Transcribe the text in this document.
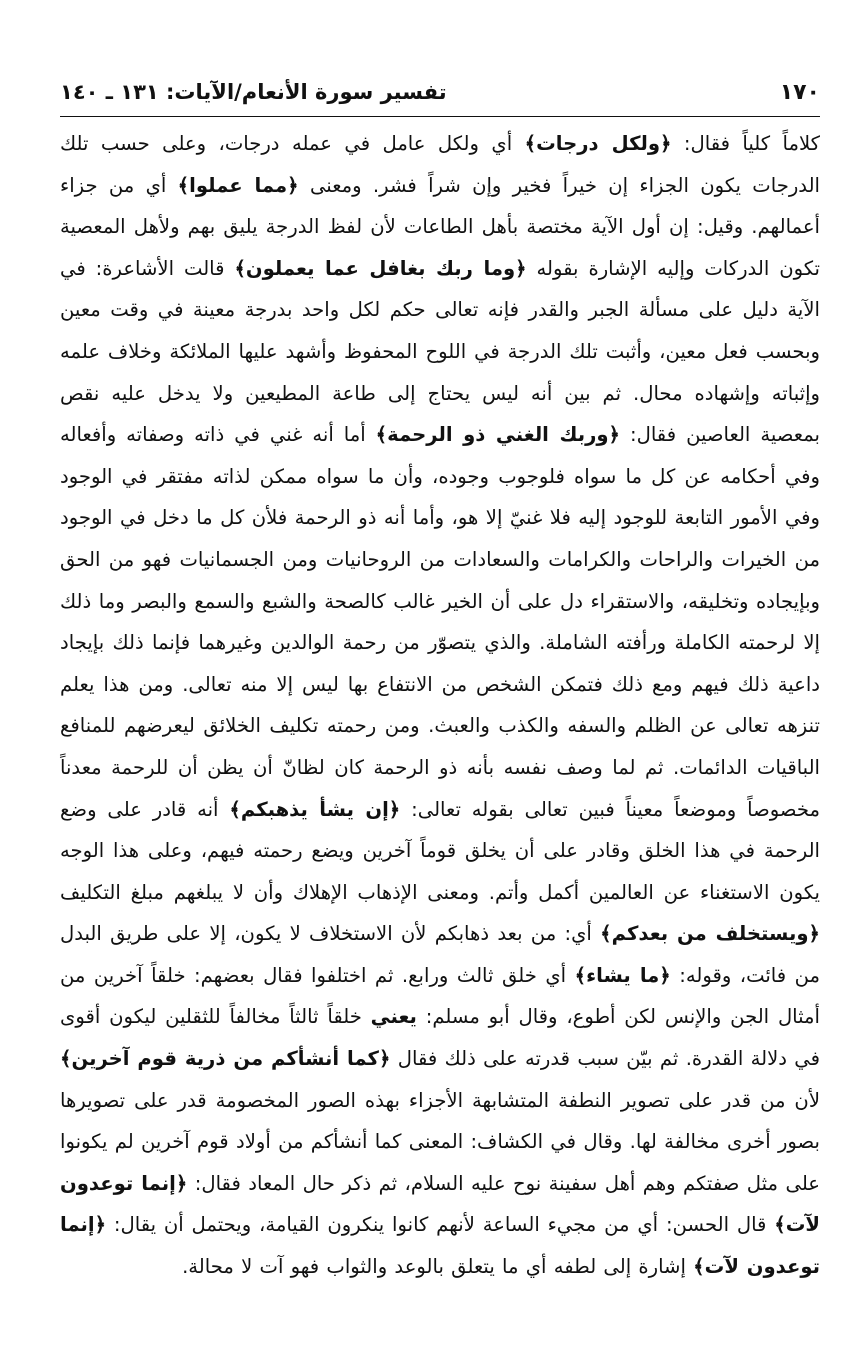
١٧٠
تفسير سورة الأنعام/الآيات: ١٣١ ـ ١٤٠

كلاماً كلياً فقال: ﴿ولكل درجات﴾ أي ولكل عامل في عمله درجات، وعلى حسب تلك الدرجات يكون الجزاء إن خيراً فخير وإن شراً فشر. ومعنى ﴿مما عملوا﴾ أي من جزاء أعمالهم. وقيل: إن أول الآية مختصة بأهل الطاعات لأن لفظ الدرجة يليق بهم ولأهل المعصية تكون الدركات وإليه الإشارة بقوله ﴿وما ربك بغافل عما يعملون﴾ قالت الأشاعرة: في الآية دليل على مسألة الجبر والقدر فإنه تعالى حكم لكل واحد بدرجة معينة في وقت معين وبحسب فعل معين، وأثبت تلك الدرجة في اللوح المحفوظ وأشهد عليها الملائكة وخلاف علمه وإثباته وإشهاده محال. ثم بين أنه ليس يحتاج إلى طاعة المطيعين ولا يدخل عليه نقص بمعصية العاصين فقال: ﴿وربك الغني ذو الرحمة﴾ أما أنه غني في ذاته وصفاته وأفعاله وفي أحكامه عن كل ما سواه فلوجوب وجوده، وأن ما سواه ممكن لذاته مفتقر في الوجود وفي الأمور التابعة للوجود إليه فلا غنيّ إلا هو، وأما أنه ذو الرحمة فلأن كل ما دخل في الوجود من الخيرات والراحات والكرامات والسعادات من الروحانيات ومن الجسمانيات فهو من الحق وبإيجاده وتخليقه، والاستقراء دل على أن الخير غالب كالصحة والشبع والسمع والبصر وما ذلك إلا لرحمته الكاملة ورأفته الشاملة. والذي يتصوّر من رحمة الوالدين وغيرهما فإنما ذلك بإيجاد داعية ذلك فيهم ومع ذلك فتمكن الشخص من الانتفاع بها ليس إلا منه تعالى. ومن هذا يعلم تنزهه تعالى عن الظلم والسفه والكذب والعبث. ومن رحمته تكليف الخلائق ليعرضهم للمنافع الباقيات الدائمات. ثم لما وصف نفسه بأنه ذو الرحمة كان لظانّ أن يظن أن للرحمة معدناً مخصوصاً وموضعاً معيناً فبين تعالى بقوله تعالى: ﴿إن يشأ يذهبكم﴾ أنه قادر على وضع الرحمة في هذا الخلق وقادر على أن يخلق قوماً آخرين ويضع رحمته فيهم، وعلى هذا الوجه يكون الاستغناء عن العالمين أكمل وأتم. ومعنى الإذهاب الإهلاك وأن لا يبلغهم مبلغ التكليف ﴿ويستخلف من بعدكم﴾ أي: من بعد ذهابكم لأن الاستخلاف لا يكون، إلا على طريق البدل من فائت، وقوله: ﴿ما يشاء﴾ أي خلق ثالث ورابع. ثم اختلفوا فقال بعضهم: خلقاً آخرين من أمثال الجن والإنس لكن أطوع، وقال أبو مسلم: يعني خلقاً ثالثاً مخالفاً للثقلين ليكون أقوى في دلالة القدرة. ثم بيّن سبب قدرته على ذلك فقال ﴿كما أنشأكم من ذرية قوم آخرين﴾ لأن من قدر على تصوير النطفة المتشابهة الأجزاء بهذه الصور المخصومة قدر على تصويرها بصور أخرى مخالفة لها. وقال في الكشاف: المعنى كما أنشأكم من أولاد قوم آخرين لم يكونوا على مثل صفتكم وهم أهل سفينة نوح عليه السلام، ثم ذكر حال المعاد فقال: ﴿إنما توعدون لآت﴾ قال الحسن: أي من مجيء الساعة لأنهم كانوا ينكرون القيامة، ويحتمل أن يقال: ﴿إنما توعدون لآت﴾ إشارة إلى لطفه أي ما يتعلق بالوعد والثواب فهو آت لا محالة.
